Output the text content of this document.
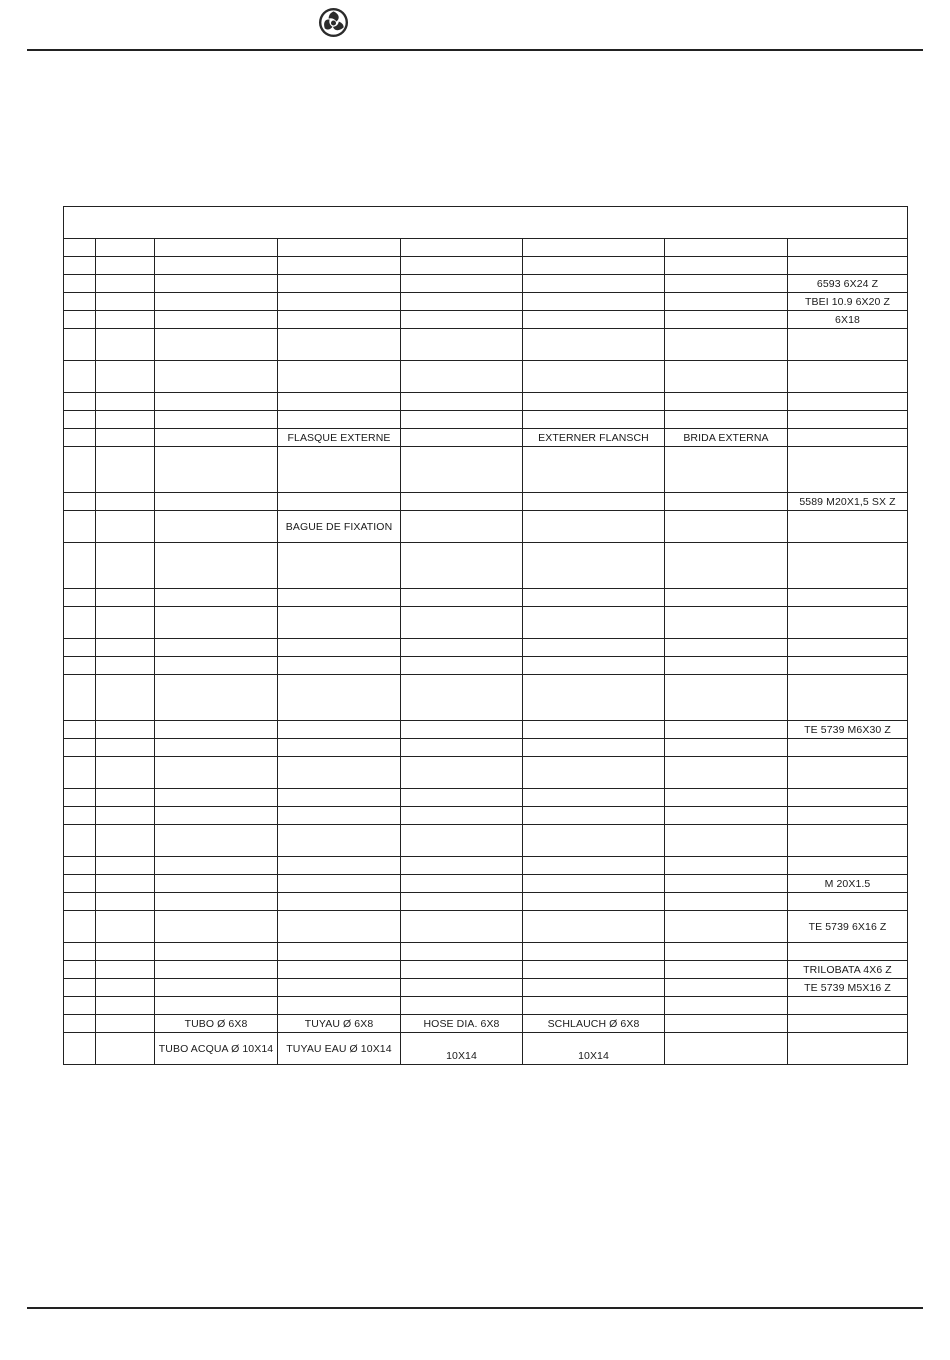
							6593 6X24 Z
							TBEI 10.9 6X20 Z
							6X18

			FLASQUE EXTERNE		EXTERNER FLANSCH	BRIDA EXTERNA	

							5589 M20X1,5 SX Z
			BAGUE DE FIXATION				

							TE 5739 M6X30 Z

							M 20X1.5

							TE 5739 6X16 Z

							TRILOBATA 4X6 Z
							TE 5739 M5X16 Z

		TUBO Ø 6X8	TUYAU Ø 6X8	HOSE DIA. 6X8	SCHLAUCH Ø 6X8		
		TUBO ACQUA Ø 10X14	TUYAU EAU Ø 10X14	10X14	10X14		
